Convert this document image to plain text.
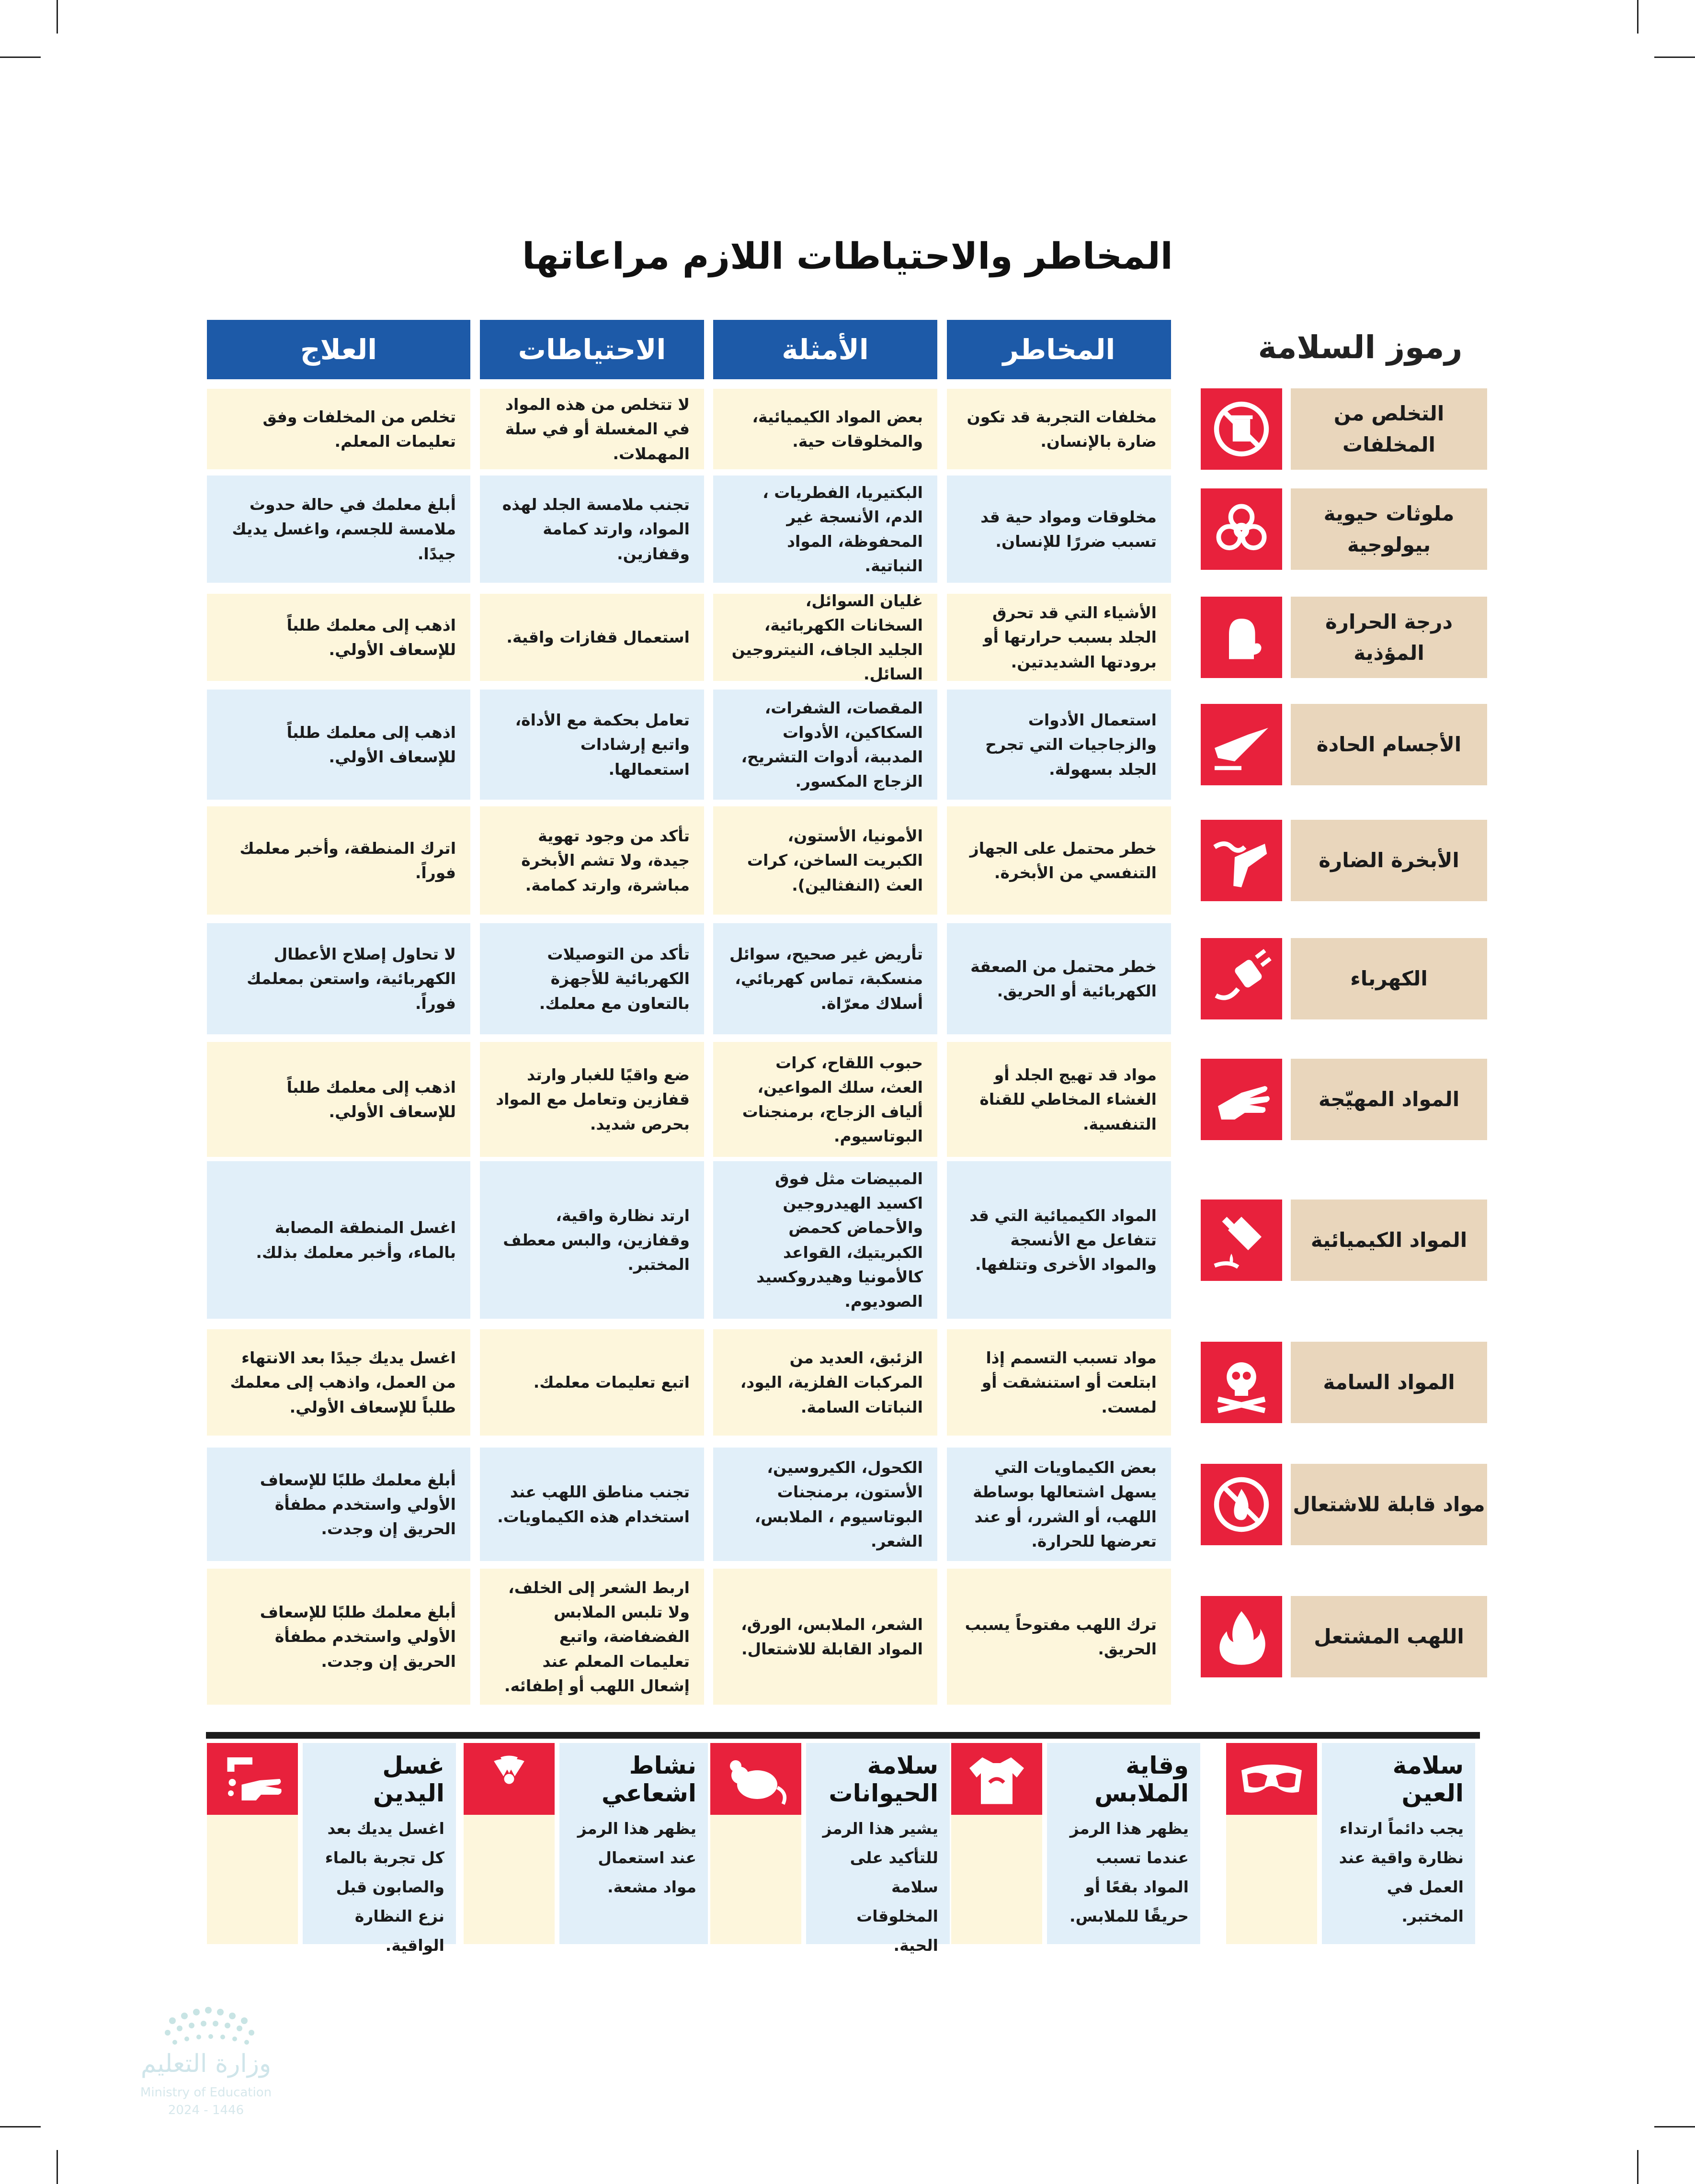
المخاطر والاحتياطات اللازم مراعاتها
رموز السلامة
المخاطر
الأمثلة
الاحتياطات
العلاج
مخلفات التجربة قد تكون ضارة بالإنسان.
بعض المواد الكيميائية، والمخلوقات حية.
لا تتخلص من هذه المواد في المغسلة أو في سلة المهملات.
تخلص من المخلفات وفق تعليمات المعلم.
التخلص من المخلفات
مخلوقات ومواد حية قد تسبب ضررًا للإنسان.
البكتيريا، الفطريات ، الدم، الأنسجة غير المحفوظة، المواد النباتية.
تجنب ملامسة الجلد لهذه المواد، وارتد كمامة وقفازين.
أبلغ معلمك في حالة حدوث ملامسة للجسم، واغسل يديك جيدًا.
ملوثات حيوية بيولوجية
الأشياء التي قد تحرق الجلد بسبب حرارتها أو برودتها الشديدتين.
غليان السوائل، السخانات الكهربائية، الجليد الجاف، النيتروجين السائل.
استعمال قفازات واقية.
اذهب إلى معلمك طلباً للإسعاف الأولي.
درجة الحرارة المؤذية
استعمال الأدوات والزجاجيات التي تجرح الجلد بسهولة.
المقصات، الشفرات، السكاكين، الأدوات المدببة، أدوات التشريح، الزجاج المكسور.
تعامل بحكمة مع الأداة، واتبع إرشادات استعمالها.
اذهب إلى معلمك طلباً للإسعاف الأولي.
الأجسام الحادة
خطر محتمل على الجهاز التنفسي من الأبخرة.
الأمونيا، الأستون، الكبريت الساخن، كرات العث (النفثالين).
تأكد من وجود تهوية جيدة، ولا تشم الأبخرة مباشرة، وارتد كمامة.
اترك المنطقة، وأخبر معلمك فوراً.
الأبخرة الضارة
خطر محتمل من الصعقة الكهربائية أو الحريق.
تأريض غير صحيح، سوائل منسكبة، تماس كهربائي، أسلاك معرّاة.
تأكد من التوصيلات الكهربائية للأجهزة بالتعاون مع معلمك.
لا تحاول إصلاح الأعطال الكهربائية، واستعن بمعلمك فوراً.
الكهرباء
مواد قد تهيج الجلد أو الغشاء المخاطي للقناة التنفسية.
حبوب اللقاح، كرات العث، سلك المواعين، ألياف الزجاج، برمنجنات البوتاسيوم.
ضع واقيًا للغبار وارتد قفازين وتعامل مع المواد بحرص شديد.
اذهب إلى معلمك طلباً للإسعاف الأولي.
المواد المهيّجة
المواد الكيميائية التي قد تتفاعل مع الأنسجة والمواد الأخرى وتتلفها.
المبيضات مثل فوق اكسيد الهيدروجين والأحماض كحمض الكبريتيك، القواعد كالأمونيا وهيدروكسيد الصوديوم.
ارتد نظارة واقية، وقفازين، والبس معطف المختبر.
اغسل المنطقة المصابة بالماء، وأخبر معلمك بذلك.
المواد الكيميائية
مواد تسبب التسمم إذا ابتلعت أو استنشقت أو لمست.
الزئبق، العديد من المركبات الفلزية، اليود، النباتات السامة.
اتبع تعليمات معلمك.
اغسل يديك جيدًا بعد الانتهاء من العمل، واذهب إلى معلمك طلباً للإسعاف الأولي.
المواد السامة
بعض الكيماويات التي يسهل اشتعالها بوساطة اللهب، أو الشرر، أو عند تعرضها للحرارة.
الكحول، الكيروسين، الأستون، برمنجنات البوتاسيوم ، الملابس، الشعر.
تجنب مناطق اللهب عند استخدام هذه الكيماويات.
أبلغ معلمك طلبًا للإسعاف الأولي واستخدم مطفأة الحريق إن وجدت.
مواد قابلة للاشتعال
ترك اللهب مفتوحاً يسبب الحريق.
الشعر، الملابس، الورق، المواد القابلة للاشتعال.
اربط الشعر إلى الخلف، ولا تلبس الملابس الفضفاضة، واتبع تعليمات المعلم عند إشعال اللهب أو إطفائه.
أبلغ معلمك طلبًا للإسعاف الأولي واستخدم مطفأة الحريق إن وجدت.
اللهب المشتعل
سلامة العين
يجب دائماً ارتداء نظارة واقية عند العمل في المختبر.
وقاية الملابس
يظهر هذا الرمز عندما تسبب المواد بقعًا أو حريقًا للملابس.
سلامة الحيوانات
يشير هذا الرمز للتأكيد على سلامة المخلوقات الحية.
نشاط اشعاعي
يظهر هذا الرمز عند استعمال مواد مشعة.
غسل اليدين
اغسل يديك بعد كل تجربة بالماء والصابون قبل نزع النظارة الواقية.
وزارة التعليم
Ministry of Education
2024 - 1446
